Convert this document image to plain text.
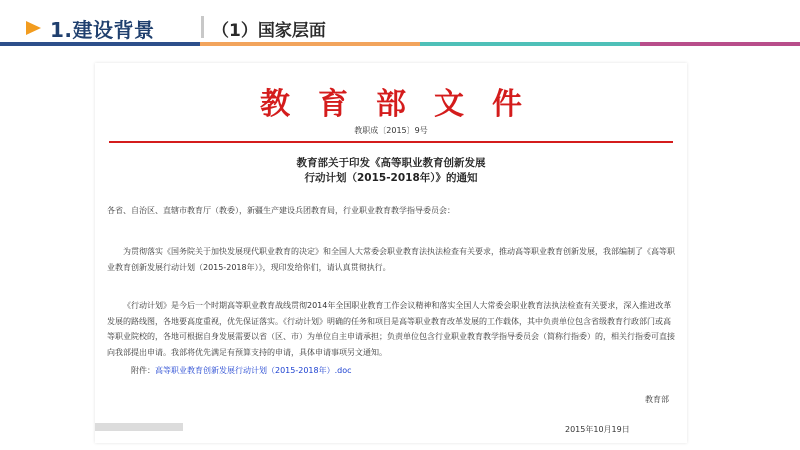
1.建设背景	（1）国家层面
教育部文件
教职成〔2015〕9号
教育部关于印发《高等职业教育创新发展
行动计划（2015-2018年）》的通知
各省、自治区、直辖市教育厅（教委），新疆生产建设兵团教育局，行业职业教育教学指导委员会：
为贯彻落实《国务院关于加快发展现代职业教育的决定》和全国人大常委会职业教育法执法检查有关要求，推动高等职业教育创新发展，我部编制了《高等职业教育创新发展行动计划（2015-2018年）》，现印发给你们，请认真贯彻执行。
《行动计划》是今后一个时期高等职业教育战线贯彻2014年全国职业教育工作会议精神和落实全国人大常委会职业教育法执法检查有关要求，深入推进改革发展的路线图，各地要高度重视，优先保证落实。《行动计划》明确的任务和项目是高等职业教育改革发展的工作载体，其中负责单位包含省级教育行政部门或高等职业院校的，各地可根据自身发展需要以省（区、市）为单位自主申请承担；负责单位包含行业职业教育教学指导委员会（简称行指委）的，相关行指委可直接向我部提出申请。我部将优先满足有预算支持的申请，具体申请事项另文通知。
附件：高等职业教育创新发展行动计划（2015-2018年）.doc
教育部
2015年10月19日
